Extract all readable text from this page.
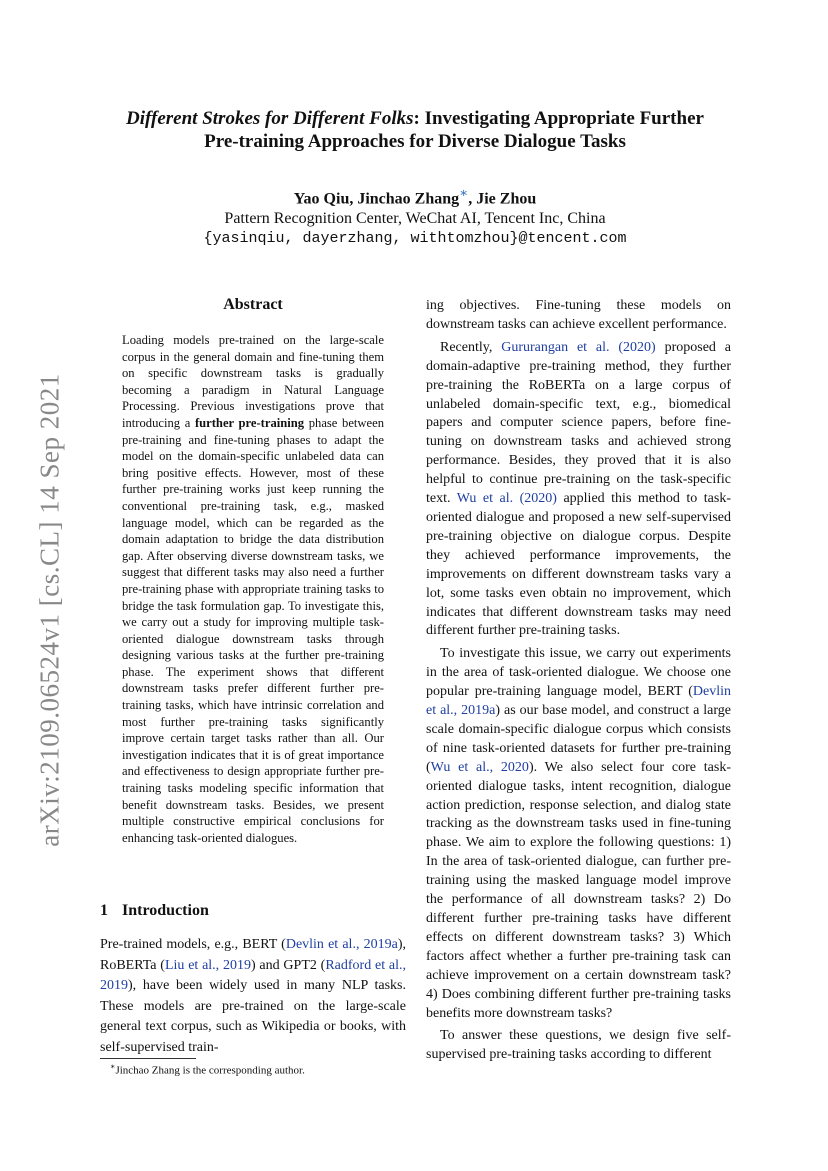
arXiv:2109.06524v1 [cs.CL] 14 Sep 2021
Different Strokes for Different Folks: Investigating Appropriate Further
Pre-training Approaches for Diverse Dialogue Tasks
Yao Qiu, Jinchao Zhang∗, Jie Zhou
Pattern Recognition Center, WeChat AI, Tencent Inc, China
{yasinqiu, dayerzhang, withtomzhou}@tencent.com
Abstract
Loading models pre-trained on the large-scale corpus in the general domain and fine-tuning them on specific downstream tasks is gradually becoming a paradigm in Natural Language Processing. Previous investigations prove that introducing a further pre-training phase between pre-training and fine-tuning phases to adapt the model on the domain-specific unlabeled data can bring positive effects. However, most of these further pre-training works just keep running the conventional pre-training task, e.g., masked language model, which can be regarded as the domain adaptation to bridge the data distribution gap. After observing diverse downstream tasks, we suggest that different tasks may also need a further pre-training phase with appropriate training tasks to bridge the task formulation gap. To investigate this, we carry out a study for improving multiple task-oriented dialogue downstream tasks through designing various tasks at the further pre-training phase. The experiment shows that different downstream tasks prefer different further pre-training tasks, which have intrinsic correlation and most further pre-training tasks significantly improve certain target tasks rather than all. Our investigation indicates that it is of great importance and effectiveness to design appropriate further pre-training tasks modeling specific information that benefit downstream tasks. Besides, we present multiple constructive empirical conclusions for enhancing task-oriented dialogues.
1 Introduction
Pre-trained models, e.g., BERT (Devlin et al., 2019a), RoBERTa (Liu et al., 2019) and GPT2 (Radford et al., 2019), have been widely used in many NLP tasks. These models are pre-trained on the large-scale general text corpus, such as Wikipedia or books, with self-supervised train-
∗Jinchao Zhang is the corresponding author.

ing objectives. Fine-tuning these models on downstream tasks can achieve excellent performance.

Recently, Gururangan et al. (2020) proposed a domain-adaptive pre-training method, they further pre-training the RoBERTa on a large corpus of unlabeled domain-specific text, e.g., biomedical papers and computer science papers, before fine-tuning on downstream tasks and achieved strong performance. Besides, they proved that it is also helpful to continue pre-training on the task-specific text. Wu et al. (2020) applied this method to task-oriented dialogue and proposed a new self-supervised pre-training objective on dialogue corpus. Despite they achieved performance improvements, the improvements on different downstream tasks vary a lot, some tasks even obtain no improvement, which indicates that different downstream tasks may need different further pre-training tasks.

To investigate this issue, we carry out experiments in the area of task-oriented dialogue. We choose one popular pre-training language model, BERT (Devlin et al., 2019a) as our base model, and construct a large scale domain-specific dialogue corpus which consists of nine task-oriented datasets for further pre-training (Wu et al., 2020). We also select four core task-oriented dialogue tasks, intent recognition, dialogue action prediction, response selection, and dialog state tracking as the downstream tasks used in fine-tuning phase. We aim to explore the following questions: 1) In the area of task-oriented dialogue, can further pre-training using the masked language model improve the performance of all downstream tasks? 2) Do different further pre-training tasks have different effects on different downstream tasks? 3) Which factors affect whether a further pre-training task can achieve improvement on a certain downstream task? 4) Does combining different further pre-training tasks benefits more downstream tasks?

To answer these questions, we design five self-supervised pre-training tasks according to different
